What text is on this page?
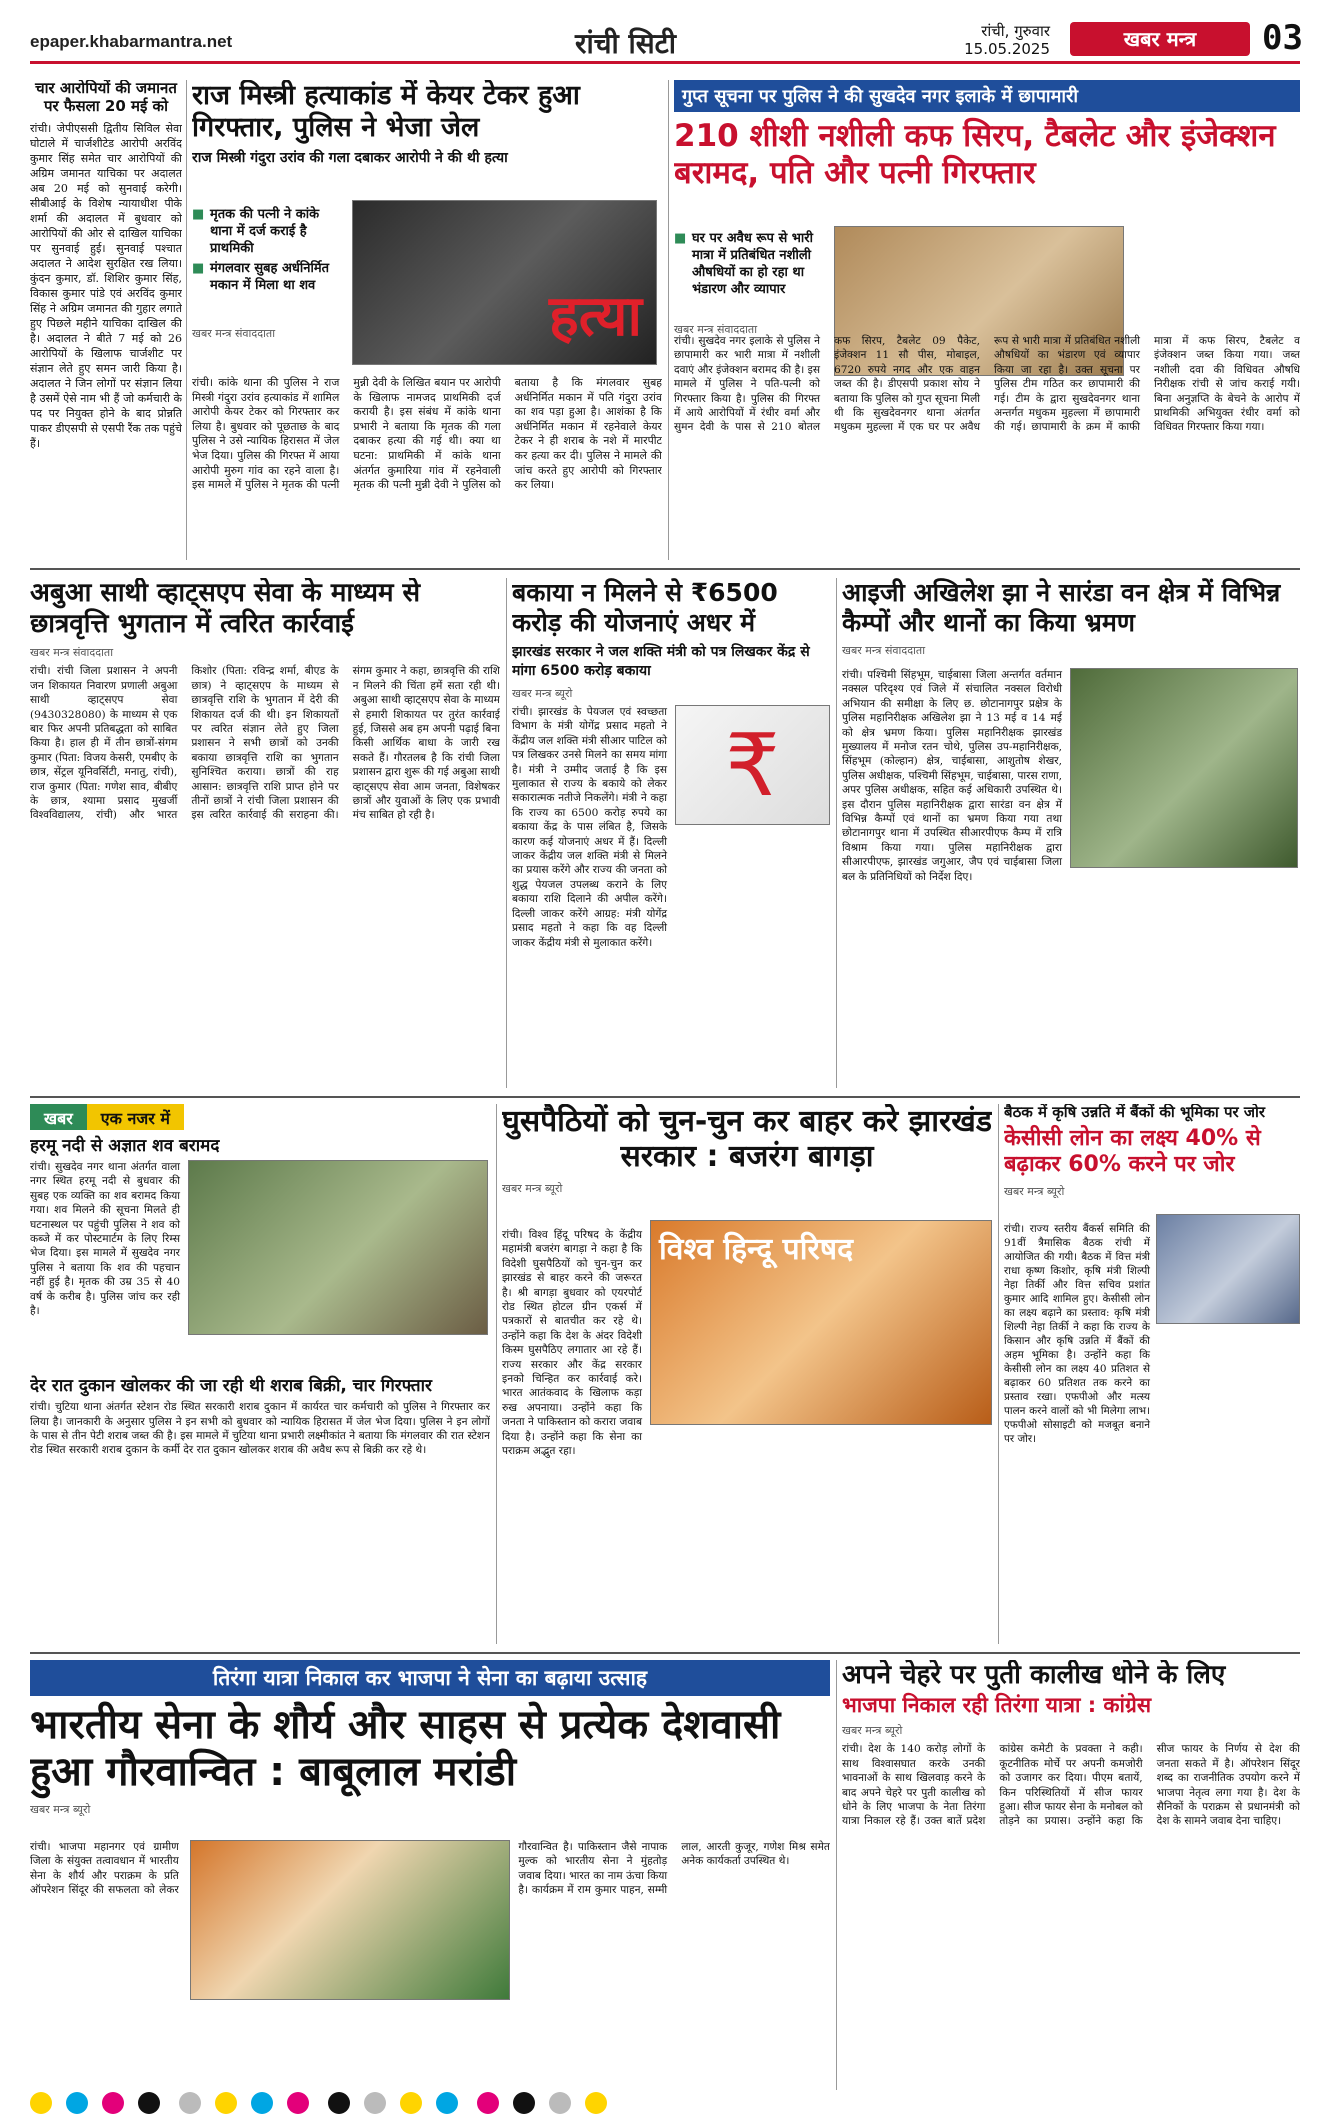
epaper.khabarmantra.net	रांची सिटी	रांची, गुरुवार
15.05.2025	खबर मन्त्र	03
चार आरोपियों की जमानत पर फैसला 20 मई को
रांची। जेपीएससी द्वितीय सिविल सेवा घोटाले में चार्जशीटेड आरोपी अरविंद कुमार सिंह समेत चार आरोपियों की अग्रिम जमानत याचिका पर अदालत अब 20 मई को सुनवाई करेगी। सीबीआई के विशेष न्यायाधीश पीके शर्मा की अदालत में बुधवार को आरोपियों की ओर से दाखिल याचिका पर सुनवाई हुई। सुनवाई पश्चात अदालत ने आदेश सुरक्षित रख लिया। कुंदन कुमार, डॉ. शिशिर कुमार सिंह, विकास कुमार पांडे एवं अरविंद कुमार सिंह ने अग्रिम जमानत की गुहार लगाते हुए पिछले महीने याचिका दाखिल की है। अदालत ने बीते 7 मई को 26 आरोपियों के खिलाफ चार्जशीट पर संज्ञान लेते हुए समन जारी किया है। अदालत ने जिन लोगों पर संज्ञान लिया है उसमें ऐसे नाम भी हैं जो कर्मचारी के पद पर नियुक्त होने के बाद प्रोन्नति पाकर डीएसपी से एसपी रैंक तक पहुंचे हैं।
राज मिस्त्री हत्याकांड में केयर टेकर हुआ गिरफ्तार, पुलिस ने भेजा जेल
राज मिस्त्री गंदुरा उरांव की गला दबाकर आरोपी ने की थी हत्या
■ मृतक की पत्नी ने कांके थाना में दर्ज कराई है प्राथमिकी
■ मंगलवार सुबह अर्धनिर्मित मकान में मिला था शव
खबर मन्त्र संवाददाता	हत्या
रांची। कांके थाना की पुलिस ने राज मिस्त्री गंदुरा उरांव हत्याकांड में शामिल आरोपी केयर टेकर को गिरफ्तार कर लिया है। बुधवार को पूछताछ के बाद पुलिस ने उसे न्यायिक हिरासत में जेल भेज दिया। पुलिस की गिरफ्त में आया आरोपी मुरुग गांव का रहने वाला है। इस मामले में पुलिस ने मृतक की पत्नी मुन्नी देवी के लिखित बयान पर आरोपी के खिलाफ नामजद प्राथमिकी दर्ज करायी है। इस संबंध में कांके थाना प्रभारी ने बताया कि मृतक की गला दबाकर हत्या की गई थी। क्या था घटना: प्राथमिकी में कांके थाना अंतर्गत कुमारिया गांव में रहनेवाली मृतक की पत्नी मुन्नी देवी ने पुलिस को बताया है कि मंगलवार सुबह अर्धनिर्मित मकान में पति गंदुरा उरांव का शव पड़ा हुआ है। आशंका है कि अर्धनिर्मित मकान में रहनेवाले केयर टेकर ने ही शराब के नशे में मारपीट कर हत्या कर दी। पुलिस ने मामले की जांच करते हुए आरोपी को गिरफ्तार कर लिया।
गुप्त सूचना पर पुलिस ने की सुखदेव नगर इलाके में छापामारी
210 शीशी नशीली कफ सिरप, टैबलेट और इंजेक्शन बरामद, पति और पत्नी गिरफ्तार
■ घर पर अवैध रूप से भारी मात्रा में प्रतिबंधित नशीली औषधियों का हो रहा था भंडारण और व्यापार
खबर मन्त्र संवाददाता
रांची। सुखदेव नगर इलाके से पुलिस ने छापामारी कर भारी मात्रा में नशीली दवाएं और इंजेक्शन बरामद की है। इस मामले में पुलिस ने पति-पत्नी को गिरफ्तार किया है। पुलिस की गिरफ्त में आये आरोपियों में रंधीर वर्मा और सुमन देवी के पास से 210 बोतल कफ सिरप, टैबलेट 09 पैकेट, इंजेक्शन 11 सौ पीस, मोबाइल, 6720 रुपये नगद और एक वाहन जब्त की है। डीएसपी प्रकाश सोय ने बताया कि पुलिस को गुप्त सूचना मिली थी कि सुखदेवनगर थाना अंतर्गत मधुकम मुहल्ला में एक घर पर अवैध रूप से भारी मात्रा में प्रतिबंधित नशीली औषधियों का भंडारण एवं व्यापार किया जा रहा है। उक्त सूचना पर पुलिस टीम गठित कर छापामारी की गई। टीम के द्वारा सुखदेवनगर थाना अन्तर्गत मधुकम मुहल्ला में छापामारी की गई। छापामारी के क्रम में काफी मात्रा में कफ सिरप, टैबलेट व इंजेक्शन जब्त किया गया। जब्त नशीली दवा की विधिवत औषधि निरीक्षक रांची से जांच कराई गयी। बिना अनुज्ञप्ति के बेचने के आरोप में प्राथमिकी अभियुक्त रंधीर वर्मा को विधिवत गिरफ्तार किया गया।
अबुआ साथी व्हाट्सएप सेवा के माध्यम से छात्रवृत्ति भुगतान में त्वरित कार्रवाई
खबर मन्त्र संवाददाता
रांची। रांची जिला प्रशासन ने अपनी जन शिकायत निवारण प्रणाली अबुआ साथी व्हाट्सएप सेवा (9430328080) के माध्यम से एक बार फिर अपनी प्रतिबद्धता को साबित किया है। हाल ही में तीन छात्रों-संगम कुमार (पिता: विजय केसरी, एमबीए के छात्र, सेंट्रल यूनिवर्सिटी, मनातु, रांची), राज कुमार (पिता: गणेश साव, बीबीए के छात्र, श्यामा प्रसाद मुखर्जी विश्वविद्यालय, रांची) और भारत किशोर (पिता: रविन्द्र शर्मा, बीएड के छात्र) ने व्हाट्सएप के माध्यम से छात्रवृत्ति राशि के भुगतान में देरी की शिकायत दर्ज की थी। इन शिकायतों पर त्वरित संज्ञान लेते हुए जिला प्रशासन ने सभी छात्रों को उनकी बकाया छात्रवृत्ति राशि का भुगतान सुनिश्चित कराया। छात्रों की राह आसान: छात्रवृत्ति राशि प्राप्त होने पर तीनों छात्रों ने रांची जिला प्रशासन की इस त्वरित कार्रवाई की सराहना की। संगम कुमार ने कहा, छात्रवृत्ति की राशि न मिलने की चिंता हमें सता रही थी। अबुआ साथी व्हाट्सएप सेवा के माध्यम से हमारी शिकायत पर तुरंत कार्रवाई हुई, जिससे अब हम अपनी पढ़ाई बिना किसी आर्थिक बाधा के जारी रख सकते हैं। गौरतलब है कि रांची जिला प्रशासन द्वारा शुरू की गई अबुआ साथी व्हाट्सएप सेवा आम जनता, विशेषकर छात्रों और युवाओं के लिए एक प्रभावी मंच साबित हो रही है।
बकाया न मिलने से ₹6500 करोड़ की योजनाएं अधर में
झारखंड सरकार ने जल शक्ति मंत्री को पत्र लिखकर केंद्र से मांगा 6500 करोड़ बकाया
खबर मन्त्र ब्यूरो
रांची। झारखंड के पेयजल एवं स्वच्छता विभाग के मंत्री योगेंद्र प्रसाद महतो ने केंद्रीय जल शक्ति मंत्री सीआर पाटिल को पत्र लिखकर उनसे मिलने का समय मांगा है। मंत्री ने उम्मीद जताई है कि इस मुलाकात से राज्य के बकाये को लेकर सकारात्मक नतीजे निकलेंगे। मंत्री ने कहा कि राज्य का 6500 करोड़ रुपये का बकाया केंद्र के पास लंबित है, जिसके कारण कई योजनाएं अधर में हैं। दिल्ली जाकर केंद्रीय जल शक्ति मंत्री से मिलने का प्रयास करेंगे और राज्य की जनता को शुद्ध पेयजल उपलब्ध कराने के लिए बकाया राशि दिलाने की अपील करेंगे। दिल्ली जाकर करेंगे आग्रह: मंत्री योगेंद्र प्रसाद महतो ने कहा कि वह दिल्ली जाकर केंद्रीय मंत्री से मुलाकात करेंगे।
₹
आइजी अखिलेश झा ने सारंडा वन क्षेत्र में विभिन्न कैम्पों और थानों का किया भ्रमण
खबर मन्त्र संवाददाता
रांची। पश्चिमी सिंहभूम, चाईबासा जिला अन्तर्गत वर्तमान नक्सल परिदृश्य एवं जिले में संचालित नक्सल विरोधी अभियान की समीक्षा के लिए छ. छोटानागपुर प्रक्षेत्र के पुलिस महानिरीक्षक अखिलेश झा ने 13 मई व 14 मई को क्षेत्र भ्रमण किया। पुलिस महानिरीक्षक झारखंड मुख्यालय में मनोज रतन चोथे, पुलिस उप-महानिरीक्षक, सिंहभूम (कोल्हान) क्षेत्र, चाईबासा, आशुतोष शेखर, पुलिस अधीक्षक, पश्चिमी सिंहभूम, चाईबासा, पारस राणा, अपर पुलिस अधीक्षक, सहित कई अधिकारी उपस्थित थे। इस दौरान पुलिस महानिरीक्षक द्वारा सारंडा वन क्षेत्र में विभिन्न कैम्पों एवं थानों का भ्रमण किया गया तथा छोटानागपुर थाना में उपस्थित सीआरपीएफ कैम्प में रात्रि विश्राम किया गया। पुलिस महानिरीक्षक द्वारा सीआरपीएफ, झारखंड जगुआर, जैप एवं चाईबासा जिला बल के प्रतिनिधियों को निर्देश दिए।
खबर	एक नजर में
हरमू नदी से अज्ञात शव बरामद
रांची। सुखदेव नगर थाना अंतर्गत वाला नगर स्थित हरमू नदी से बुधवार की सुबह एक व्यक्ति का शव बरामद किया गया। शव मिलने की सूचना मिलते ही घटनास्थल पर पहुंची पुलिस ने शव को कब्जे में कर पोस्टमार्टम के लिए रिम्स भेज दिया। इस मामले में सुखदेव नगर पुलिस ने बताया कि शव की पहचान नहीं हुई है। मृतक की उम्र 35 से 40 वर्ष के करीब है। पुलिस जांच कर रही है।
देर रात दुकान खोलकर की जा रही थी शराब बिक्री, चार गिरफ्तार
रांची। चुटिया थाना अंतर्गत स्टेशन रोड स्थित सरकारी शराब दुकान में कार्यरत चार कर्मचारी को पुलिस ने गिरफ्तार कर लिया है। जानकारी के अनुसार पुलिस ने इन सभी को बुधवार को न्यायिक हिरासत में जेल भेज दिया। पुलिस ने इन लोगों के पास से तीन पेटी शराब जब्त की है। इस मामले में चुटिया थाना प्रभारी लक्ष्मीकांत ने बताया कि मंगलवार की रात स्टेशन रोड स्थित सरकारी शराब दुकान के कर्मी देर रात दुकान खोलकर शराब की अवैध रूप से बिक्री कर रहे थे।
घुसपैठियों को चुन-चुन कर बाहर करे झारखंड सरकार : बजरंग बागड़ा
खबर मन्त्र ब्यूरो
रांची। विश्व हिंदू परिषद के केंद्रीय महामंत्री बजरंग बागड़ा ने कहा है कि विदेशी घुसपैठियों को चुन-चुन कर झारखंड से बाहर करने की जरूरत है। श्री बागड़ा बुधवार को एयरपोर्ट रोड स्थित होटल ग्रीन एकर्स में पत्रकारों से बातचीत कर रहे थे। उन्होंने कहा कि देश के अंदर विदेशी किस्म घुसपैठिए लगातार आ रहे हैं। राज्य सरकार और केंद्र सरकार इनको चिन्हित कर कार्रवाई करे। भारत आतंकवाद के खिलाफ कड़ा रुख अपनाया। उन्होंने कहा कि जनता ने पाकिस्तान को करारा जवाब दिया है। उन्होंने कहा कि सेना का पराक्रम अद्भुत रहा।
विश्व हिन्दू परिषद
बैठक में कृषि उन्नति में बैंकों की भूमिका पर जोर
केसीसी लोन का लक्ष्य 40% से बढ़ाकर 60% करने पर जोर
खबर मन्त्र ब्यूरो
रांची। राज्य स्तरीय बैंकर्स समिति की 91वीं त्रैमासिक बैठक रांची में आयोजित की गयी। बैठक में वित्त मंत्री राधा कृष्ण किशोर, कृषि मंत्री शिल्पी नेहा तिर्की और वित्त सचिव प्रशांत कुमार आदि शामिल हुए। केसीसी लोन का लक्ष्य बढ़ाने का प्रस्ताव: कृषि मंत्री शिल्पी नेहा तिर्की ने कहा कि राज्य के किसान और कृषि उन्नति में बैंकों की अहम भूमिका है। उन्होंने कहा कि केसीसी लोन का लक्ष्य 40 प्रतिशत से बढ़ाकर 60 प्रतिशत तक करने का प्रस्ताव रखा। एफपीओ और मत्स्य पालन करने वालों को भी मिलेगा लाभ। एफपीओ सोसाइटी को मजबूत बनाने पर जोर।
तिरंगा यात्रा निकाल कर भाजपा ने सेना का बढ़ाया उत्साह
भारतीय सेना के शौर्य और साहस से प्रत्येक देशवासी हुआ गौरवान्वित : बाबूलाल मरांडी
खबर मन्त्र ब्यूरो
रांची। भाजपा महानगर एवं ग्रामीण जिला के संयुक्त तत्वावधान में भारतीय सेना के शौर्य और पराक्रम के प्रति ऑपरेशन सिंदूर की सफलता को लेकर गौरवान्वित है। पाकिस्तान जैसे नापाक मुल्क को भारतीय सेना ने मुंहतोड़ जवाब दिया। भारत का नाम ऊंचा किया है। कार्यक्रम में राम कुमार पाहन, सम्मी लाल, आरती कुजूर, गणेश मिश्र समेत अनेक कार्यकर्ता उपस्थित थे।
अपने चेहरे पर पुती कालीख धोने के लिए
भाजपा निकाल रही तिरंगा यात्रा : कांग्रेस
खबर मन्त्र ब्यूरो
रांची। देश के 140 करोड़ लोगों के साथ विश्वासघात करके उनकी भावनाओं के साथ खिलवाड़ करने के बाद अपने चेहरे पर पुती कालीख को धोने के लिए भाजपा के नेता तिरंगा यात्रा निकाल रहे हैं। उक्त बातें प्रदेश कांग्रेस कमेटी के प्रवक्ता ने कही। कूटनीतिक मोर्चे पर अपनी कमजोरी को उजागर कर दिया। पीएम बतायें, किन परिस्थितियों में सीज फायर हुआ। सीज फायर सेना के मनोबल को तोड़ने का प्रयास। उन्होंने कहा कि सीज फायर के निर्णय से देश की जनता सकते में है। ऑपरेशन सिंदूर शब्द का राजनीतिक उपयोग करने में भाजपा नेतृत्व लगा गया है। देश के सैनिकों के पराक्रम से प्रधानमंत्री को देश के सामने जवाब देना चाहिए।
